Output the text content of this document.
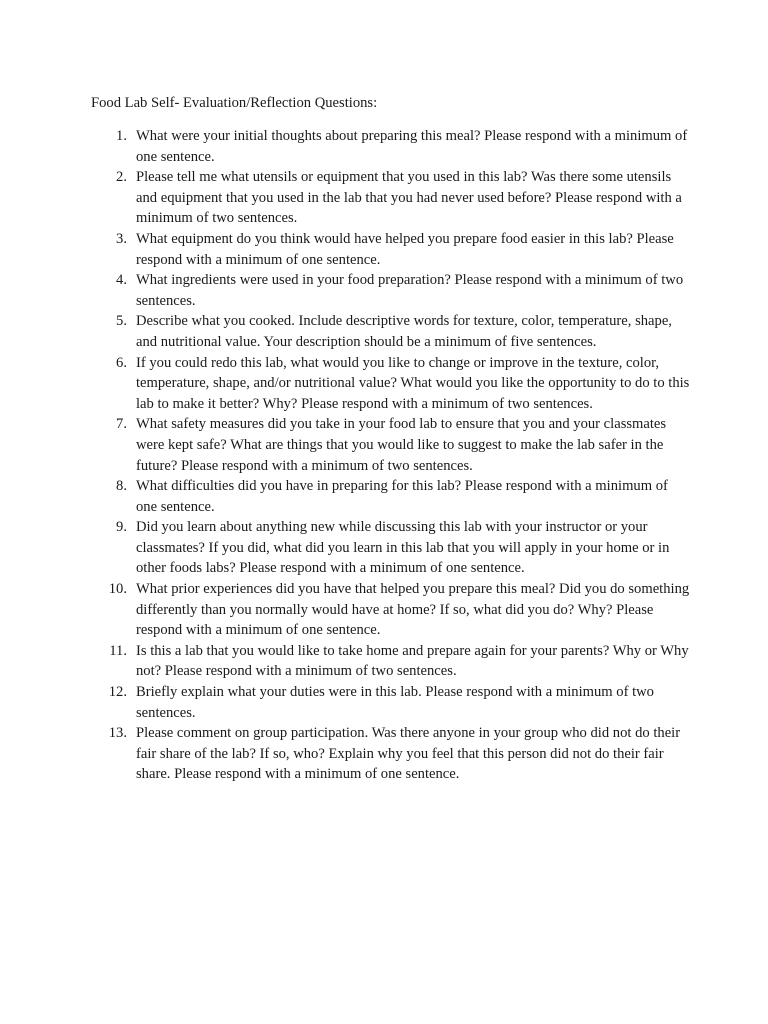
Food Lab Self- Evaluation/Reflection Questions:
1. What were your initial thoughts about preparing this meal? Please respond with a minimum of one sentence.
2. Please tell me what utensils or equipment that you used in this lab? Was there some utensils and equipment that you used in the lab that you had never used before? Please respond with a minimum of two sentences.
3. What equipment do you think would have helped you prepare food easier in this lab? Please respond with a minimum of one sentence.
4. What ingredients were used in your food preparation? Please respond with a minimum of two sentences.
5. Describe what you cooked. Include descriptive words for texture, color, temperature, shape, and nutritional value. Your description should be a minimum of five sentences.
6. If you could redo this lab, what would you like to change or improve in the texture, color, temperature, shape, and/or nutritional value? What would you like the opportunity to do to this lab to make it better? Why? Please respond with a minimum of two sentences.
7. What safety measures did you take in your food lab to ensure that you and your classmates were kept safe? What are things that you would like to suggest to make the lab safer in the future? Please respond with a minimum of two sentences.
8. What difficulties did you have in preparing for this lab? Please respond with a minimum of one sentence.
9. Did you learn about anything new while discussing this lab with your instructor or your classmates? If you did, what did you learn in this lab that you will apply in your home or in other foods labs? Please respond with a minimum of one sentence.
10. What prior experiences did you have that helped you prepare this meal? Did you do something differently than you normally would have at home? If so, what did you do? Why? Please respond with a minimum of one sentence.
11. Is this a lab that you would like to take home and prepare again for your parents? Why or Why not? Please respond with a minimum of two sentences.
12. Briefly explain what your duties were in this lab. Please respond with a minimum of two sentences.
13. Please comment on group participation. Was there anyone in your group who did not do their fair share of the lab? If so, who? Explain why you feel that this person did not do their fair share. Please respond with a minimum of one sentence.
